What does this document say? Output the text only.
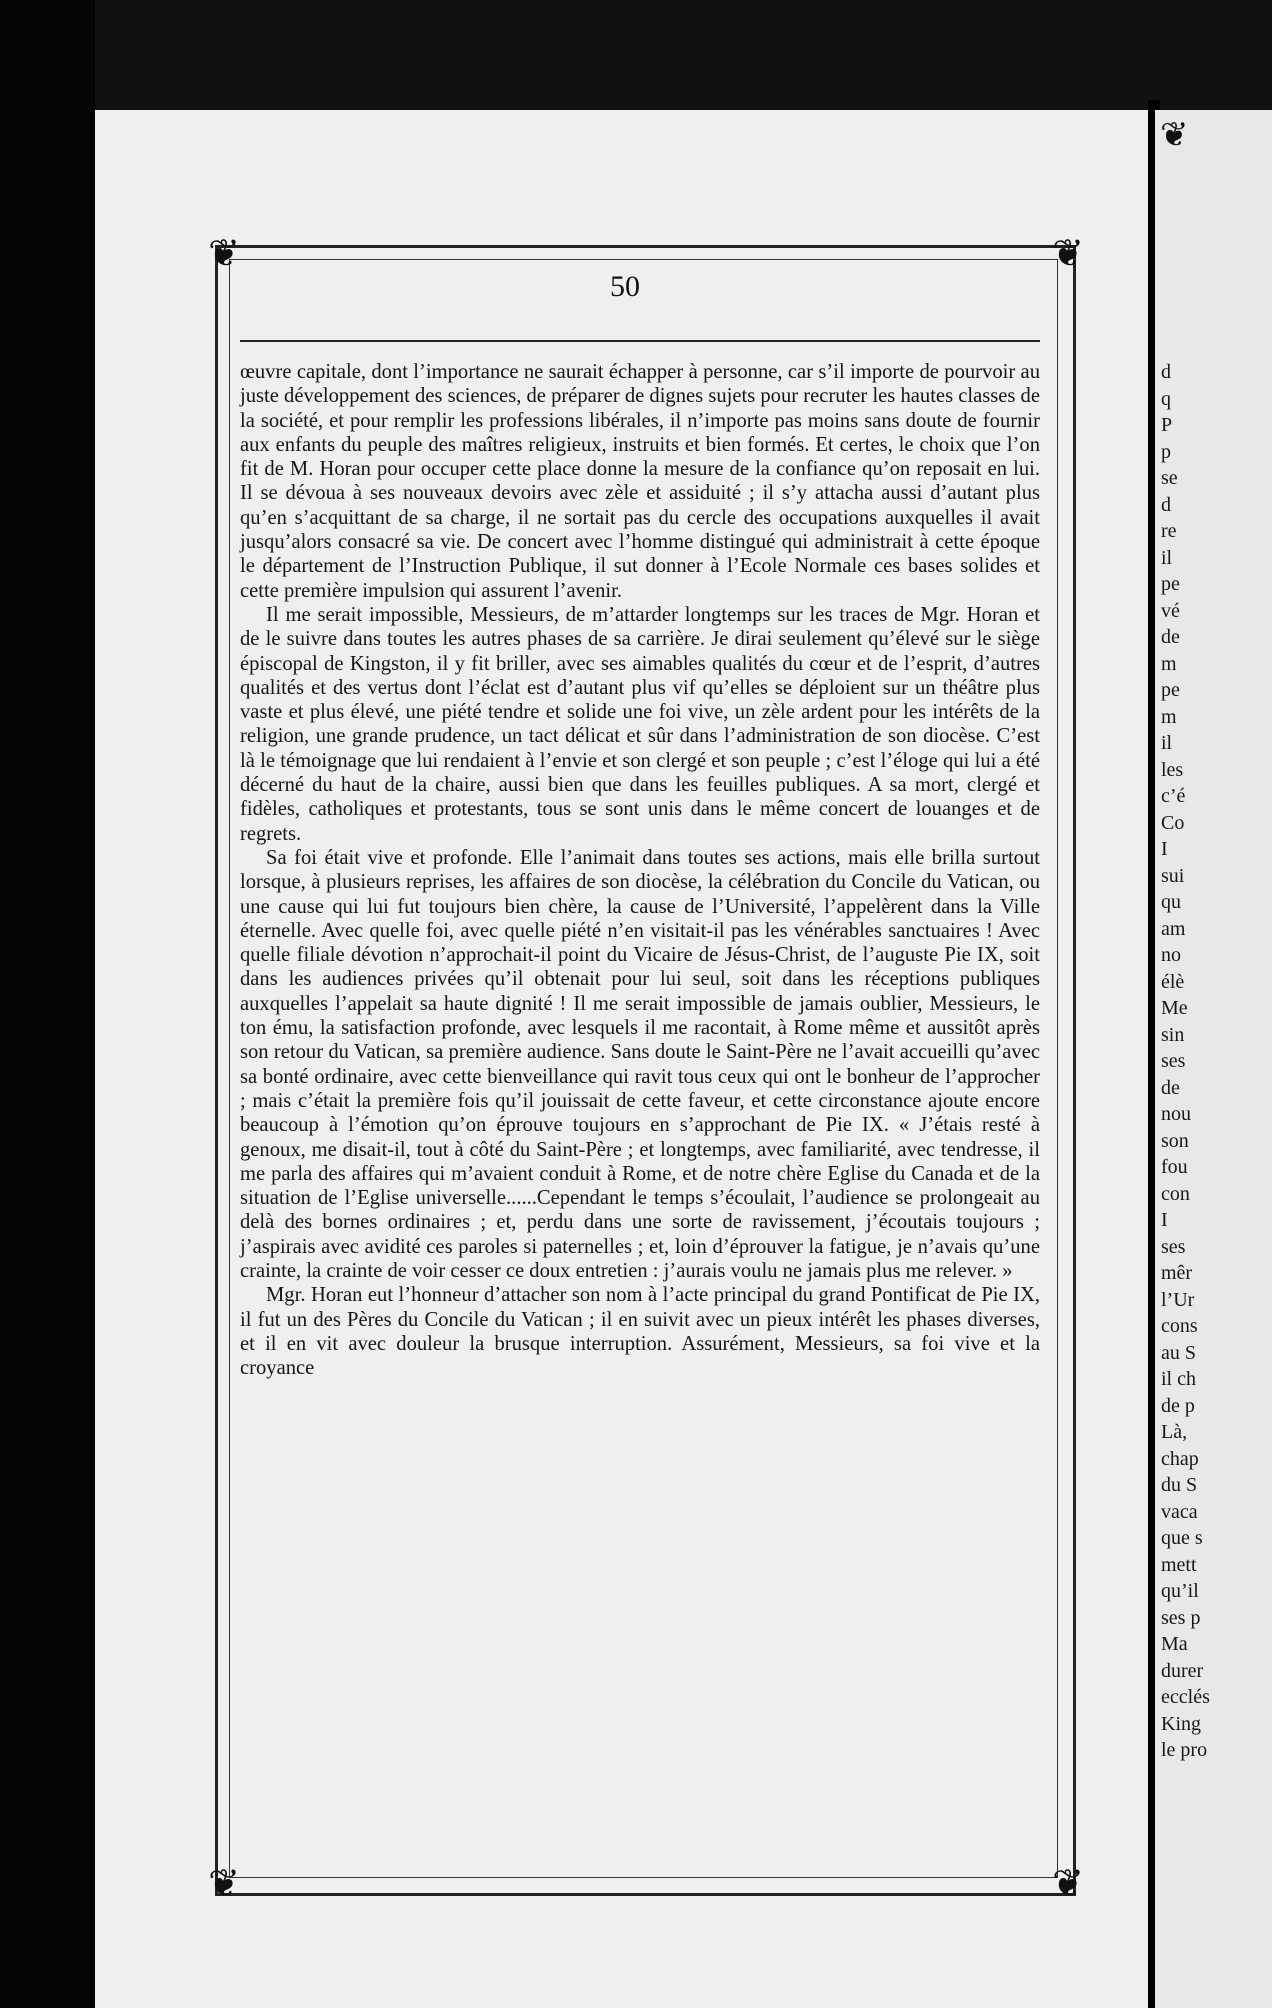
❦	❦
❦	❦
50

œuvre capitale, dont l’importance ne saurait échapper à personne, car s’il importe de pourvoir au juste développement des sciences, de préparer de dignes sujets pour recruter les hautes classes de la société, et pour remplir les professions libérales, il n’importe pas moins sans doute de fournir aux enfants du peuple des maîtres religieux, instruits et bien formés. Et certes, le choix que l’on fit de M. Horan pour occuper cette place donne la mesure de la confiance qu’on reposait en lui. Il se dévoua à ses nouveaux devoirs avec zèle et assiduité ; il s’y attacha aussi d’autant plus qu’en s’acquittant de sa charge, il ne sortait pas du cercle des occupations auxquelles il avait jusqu’alors consacré sa vie. De concert avec l’homme distingué qui administrait à cette époque le département de l’Instruction Publique, il sut donner à l’Ecole Normale ces bases solides et cette première impulsion qui assurent l’avenir.

Il me serait impossible, Messieurs, de m’attarder longtemps sur les traces de Mgr. Horan et de le suivre dans toutes les autres phases de sa carrière. Je dirai seulement qu’élevé sur le siège épiscopal de Kingston, il y fit briller, avec ses aimables qualités du cœur et de l’esprit, d’autres qualités et des vertus dont l’éclat est d’autant plus vif qu’elles se déploient sur un théâtre plus vaste et plus élevé, une piété tendre et solide une foi vive, un zèle ardent pour les intérêts de la religion, une grande prudence, un tact délicat et sûr dans l’administration de son diocèse. C’est là le témoignage que lui rendaient à l’envie et son clergé et son peuple ; c’est l’éloge qui lui a été décerné du haut de la chaire, aussi bien que dans les feuilles publiques. A sa mort, clergé et fidèles, catholiques et protestants, tous se sont unis dans le même concert de louanges et de regrets.

Sa foi était vive et profonde. Elle l’animait dans toutes ses actions, mais elle brilla surtout lorsque, à plusieurs reprises, les affaires de son diocèse, la célébration du Concile du Vatican, ou une cause qui lui fut toujours bien chère, la cause de l’Université, l’appelèrent dans la Ville éternelle. Avec quelle foi, avec quelle piété n’en visitait-il pas les vénérables sanctuaires ! Avec quelle filiale dévotion n’approchait-il point du Vicaire de Jésus-Christ, de l’auguste Pie IX, soit dans les audiences privées qu’il obtenait pour lui seul, soit dans les réceptions publiques auxquelles l’appelait sa haute dignité ! Il me serait impossible de jamais oublier, Messieurs, le ton ému, la satisfaction profonde, avec lesquels il me racontait, à Rome même et aussitôt après son retour du Vatican, sa première audience. Sans doute le Saint-Père ne l’avait accueilli qu’avec sa bonté ordinaire, avec cette bienveillance qui ravit tous ceux qui ont le bonheur de l’approcher ; mais c’était la première fois qu’il jouissait de cette faveur, et cette circonstance ajoute encore beaucoup à l’émotion qu’on éprouve toujours en s’approchant de Pie IX. « J’étais resté à genoux, me disait-il, tout à côté du Saint-Père ; et longtemps, avec familiarité, avec tendresse, il me parla des affaires qui m’avaient conduit à Rome, et de notre chère Eglise du Canada et de la situation de l’Eglise universelle......Cependant le temps s’écoulait, l’audience se prolongeait au delà des bornes ordinaires ; et, perdu dans une sorte de ravissement, j’écoutais toujours ; j’aspirais avec avidité ces paroles si paternelles ; et, loin d’éprouver la fatigue, je n’avais qu’une crainte, la crainte de voir cesser ce doux entretien : j’aurais voulu ne jamais plus me relever. »

Mgr. Horan eut l’honneur d’attacher son nom à l’acte principal du grand Pontificat de Pie IX, il fut un des Pères du Concile du Vatican ; il en suivit avec un pieux intérêt les phases diverses, et il en vit avec douleur la brusque interruption. Assurément, Messieurs, sa foi vive et la croyance

d
q
P
p
se
d
re
il
pe
vé
de
m
pe
m
il
les
c’é
Co
I
sui
qu
am
no
élè
Me
sin
ses
de
nou
son
fou
con
I
ses
mêr
l’Ur
cons
au S
il ch
de p
Là,
chap
du S
vaca
que s
mett
qu’il
ses p
Ma
durer
ecclés
King
le pro
❦
